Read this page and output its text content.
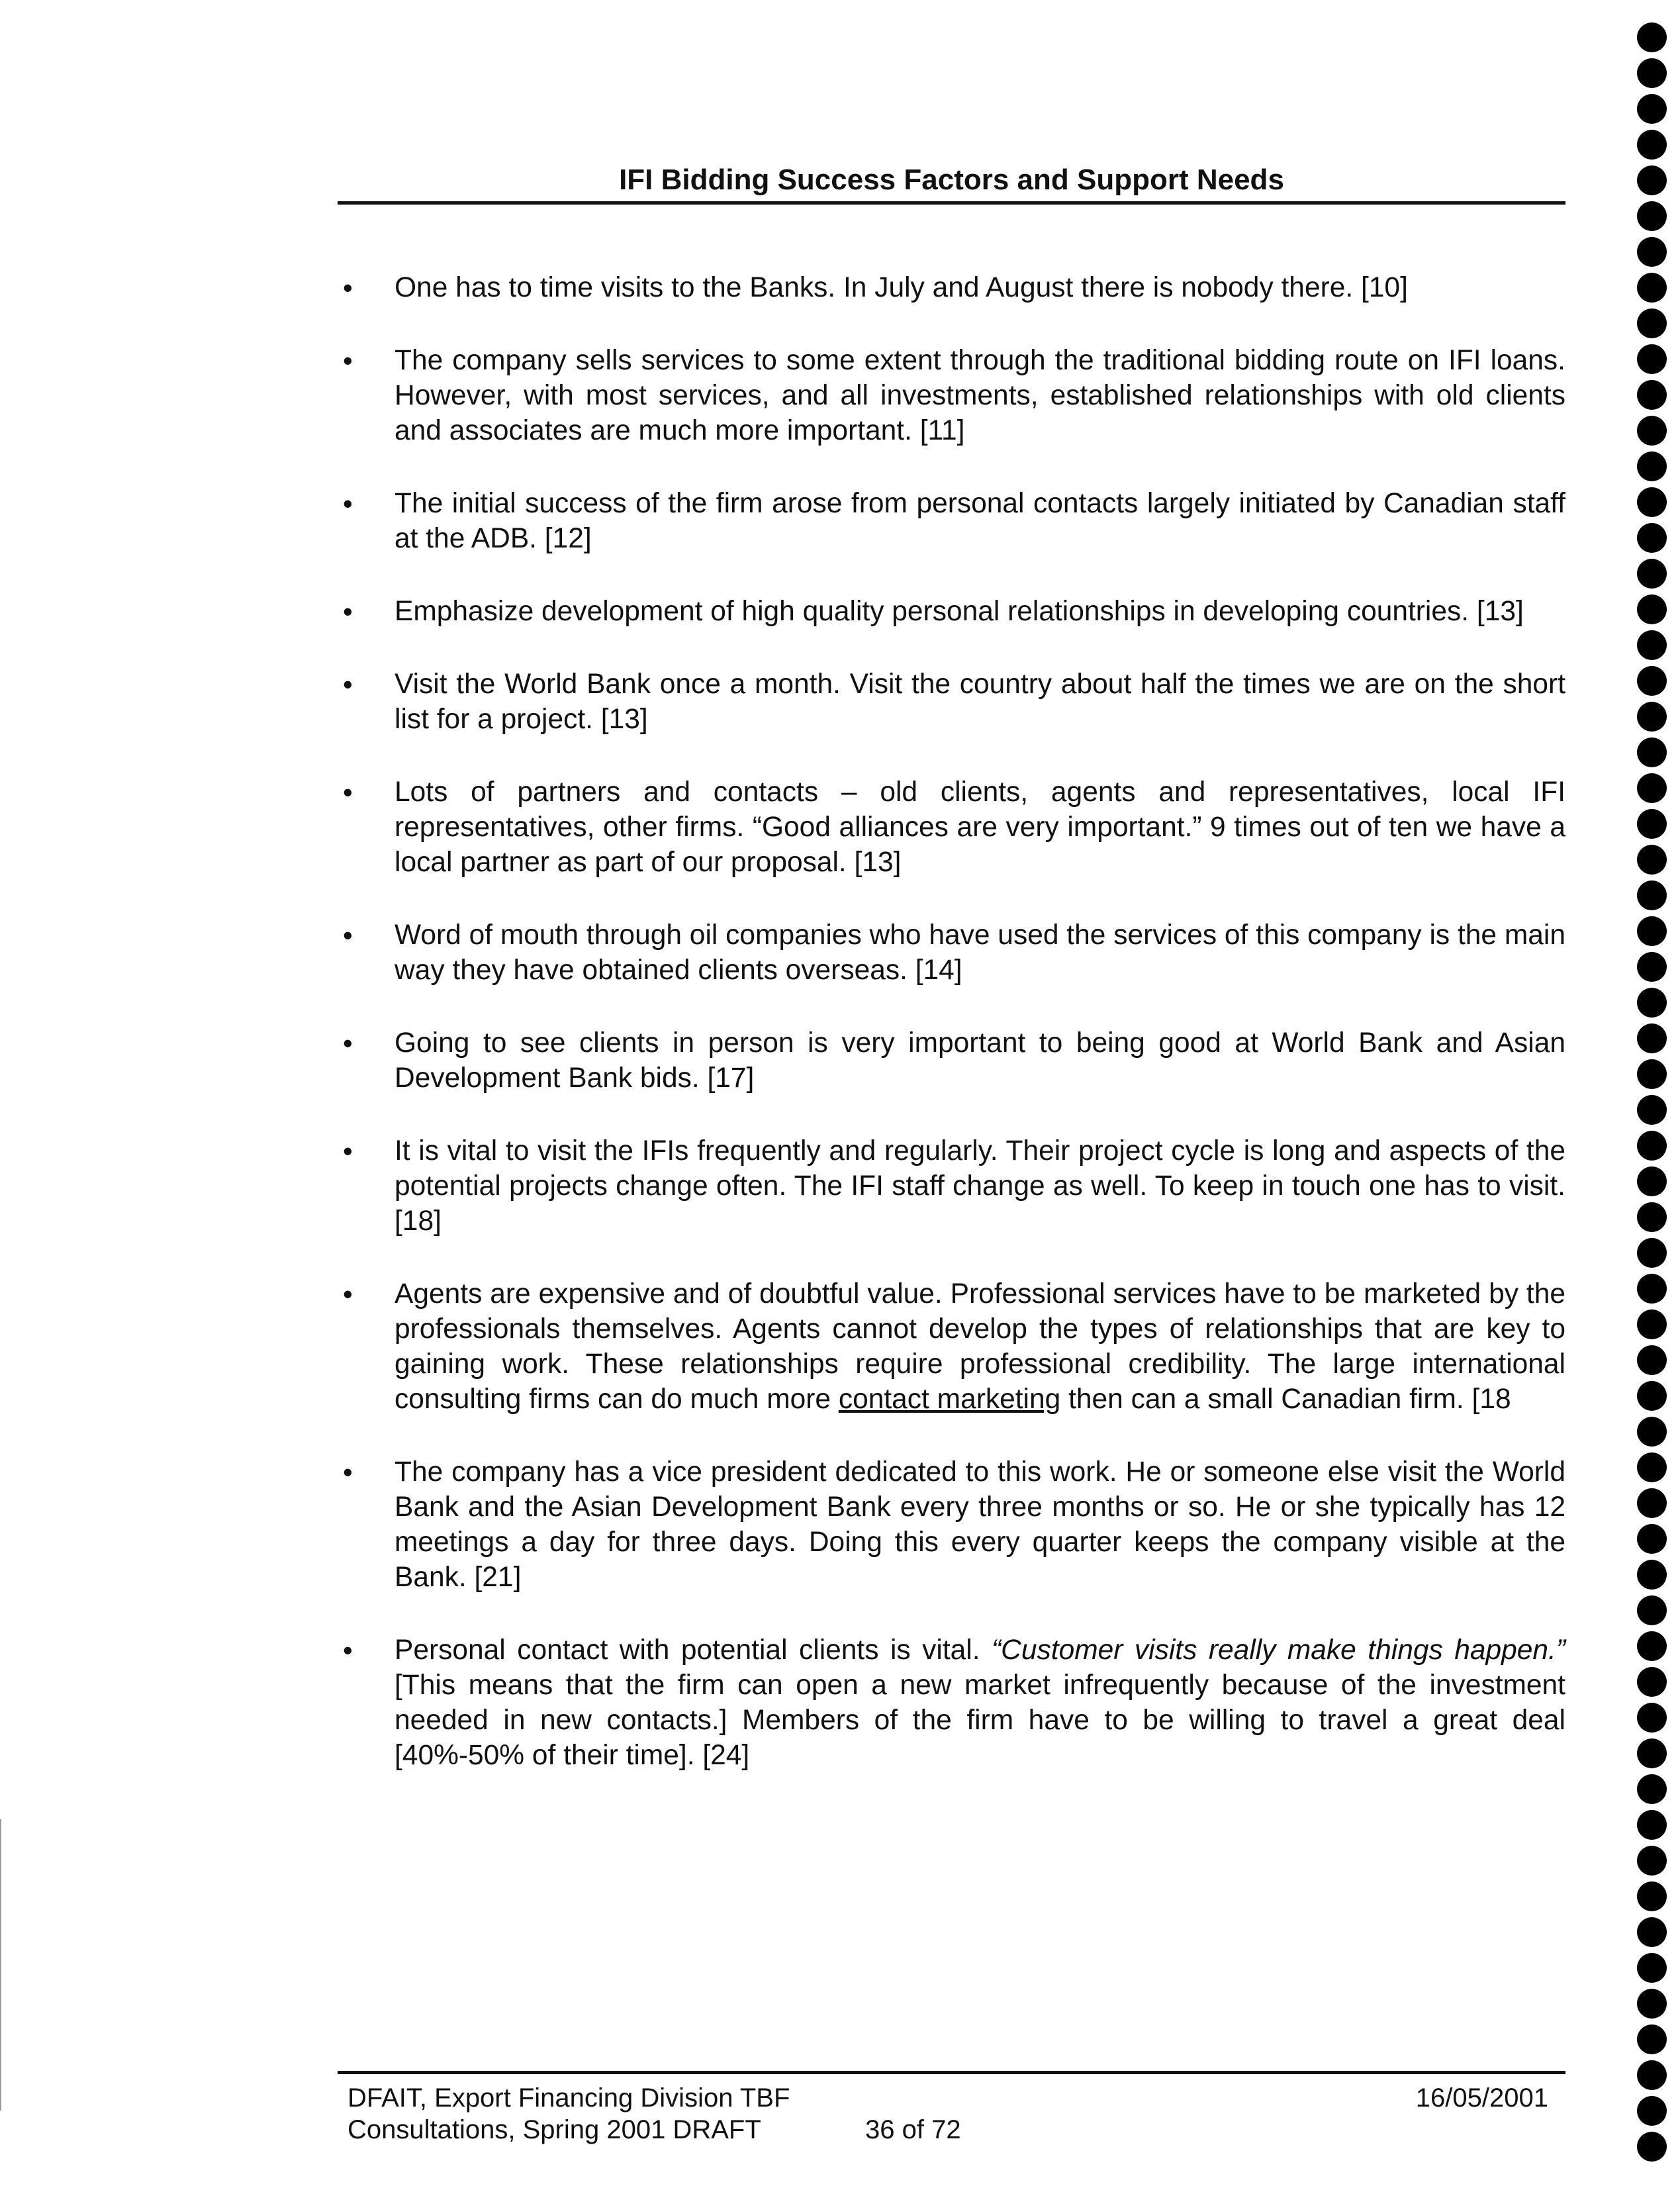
IFI Bidding Success Factors and Support Needs
• One has to time visits to the Banks. In July and August there is nobody there. [10]
• The company sells services to some extent through the traditional bidding route on IFI loans. However, with most services, and all investments, established relationships with old clients and associates are much more important. [11]
• The initial success of the firm arose from personal contacts largely initiated by Canadian staff at the ADB. [12]
• Emphasize development of high quality personal relationships in developing countries. [13]
• Visit the World Bank once a month. Visit the country about half the times we are on the short list for a project. [13]
• Lots of partners and contacts – old clients, agents and representatives, local IFI representatives, other firms. “Good alliances are very important.” 9 times out of ten we have a local partner as part of our proposal. [13]
• Word of mouth through oil companies who have used the services of this company is the main way they have obtained clients overseas. [14]
• Going to see clients in person is very important to being good at World Bank and Asian Development Bank bids. [17]
• It is vital to visit the IFIs frequently and regularly. Their project cycle is long and aspects of the potential projects change often. The IFI staff change as well. To keep in touch one has to visit. [18]
• Agents are expensive and of doubtful value. Professional services have to be marketed by the professionals themselves. Agents cannot develop the types of relationships that are key to gaining work. These relationships require professional credibility. The large international consulting firms can do much more contact marketing then can a small Canadian firm. [18
• The company has a vice president dedicated to this work. He or someone else visit the World Bank and the Asian Development Bank every three months or so. He or she typically has 12 meetings a day for three days. Doing this every quarter keeps the company visible at the Bank. [21]
• Personal contact with potential clients is vital. “Customer visits really make things happen.” [This means that the firm can open a new market infrequently because of the investment needed in new contacts.] Members of the firm have to be willing to travel a great deal [40%-50% of their time]. [24]
DFAIT, Export Financing Division TBF	16/05/2001
Consultations, Spring 2001 DRAFT	36 of 72
